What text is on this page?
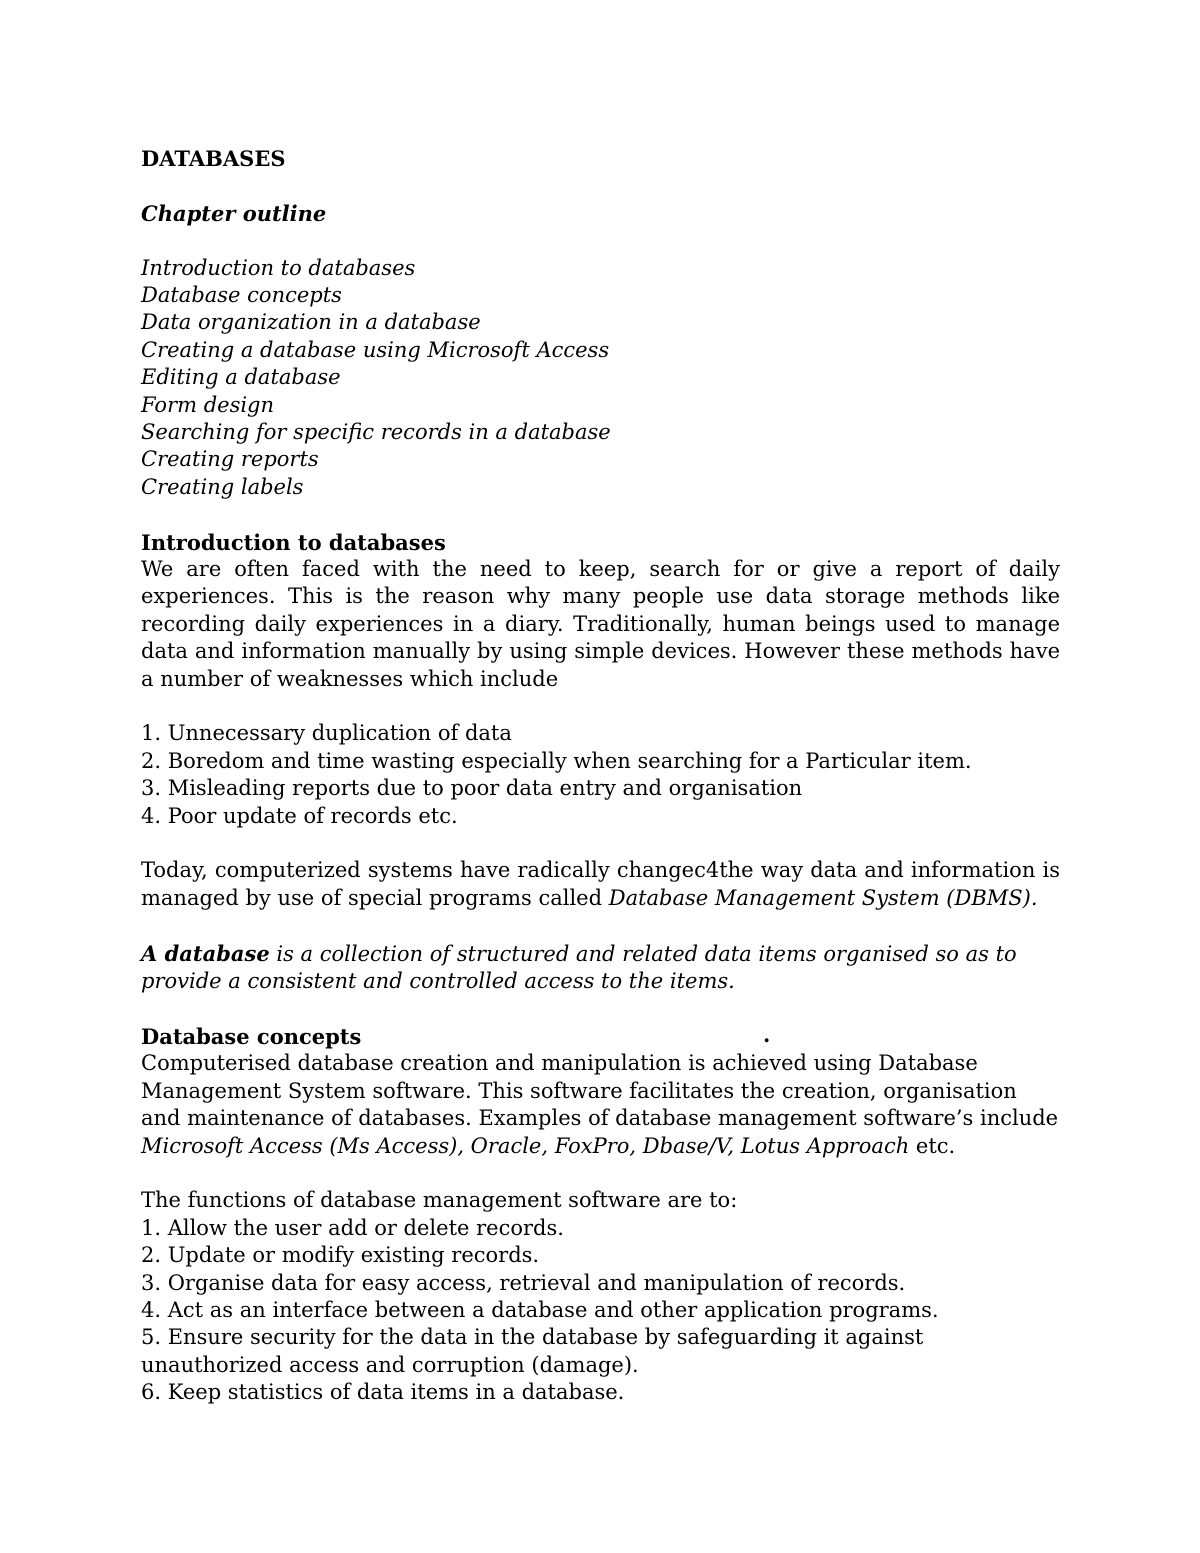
DATABASES

Chapter outline

Introduction to databases

Database concepts

Data organization in a database

Creating a database using Microsoft Access

Editing a database

Form design

Searching for specific records in a database

Creating reports

Creating labels

Introduction to databases

We are often faced with the need to keep, search for or give a report of daily experiences. This is the reason why many people use data storage methods like recording daily experiences in a diary. Traditionally, human beings used to manage data and information manually by using simple devices. However these methods have a number of weaknesses which include

1. Unnecessary duplication of data

2. Boredom and time wasting especially when searching for a Particular item.

3. Misleading reports due to poor data entry and organisation

4. Poor update of records etc.

Today, computerized systems have radically changec4the way data and information is managed by use of special programs called Database Management System (DBMS).

A database is a collection of structured and related data items organised so as to provide a consistent and controlled access to the items.

Database concepts	.

Computerised database creation and manipulation is achieved using Database Management System software. This software facilitates the creation, organisation and maintenance of databases. Examples of database management software’s include Microsoft Access (Ms Access), Oracle, FoxPro, Dbase/V, Lotus Approach etc.

The functions of database management software are to:

1. Allow the user add or delete records.

2. Update or modify existing records.

3. Organise data for easy access, retrieval and manipulation of records.

4. Act as an interface between a database and other application programs.

5. Ensure security for the data in the database by safeguarding it against unauthorized access and corruption (damage).

6. Keep statistics of data items in a database.
